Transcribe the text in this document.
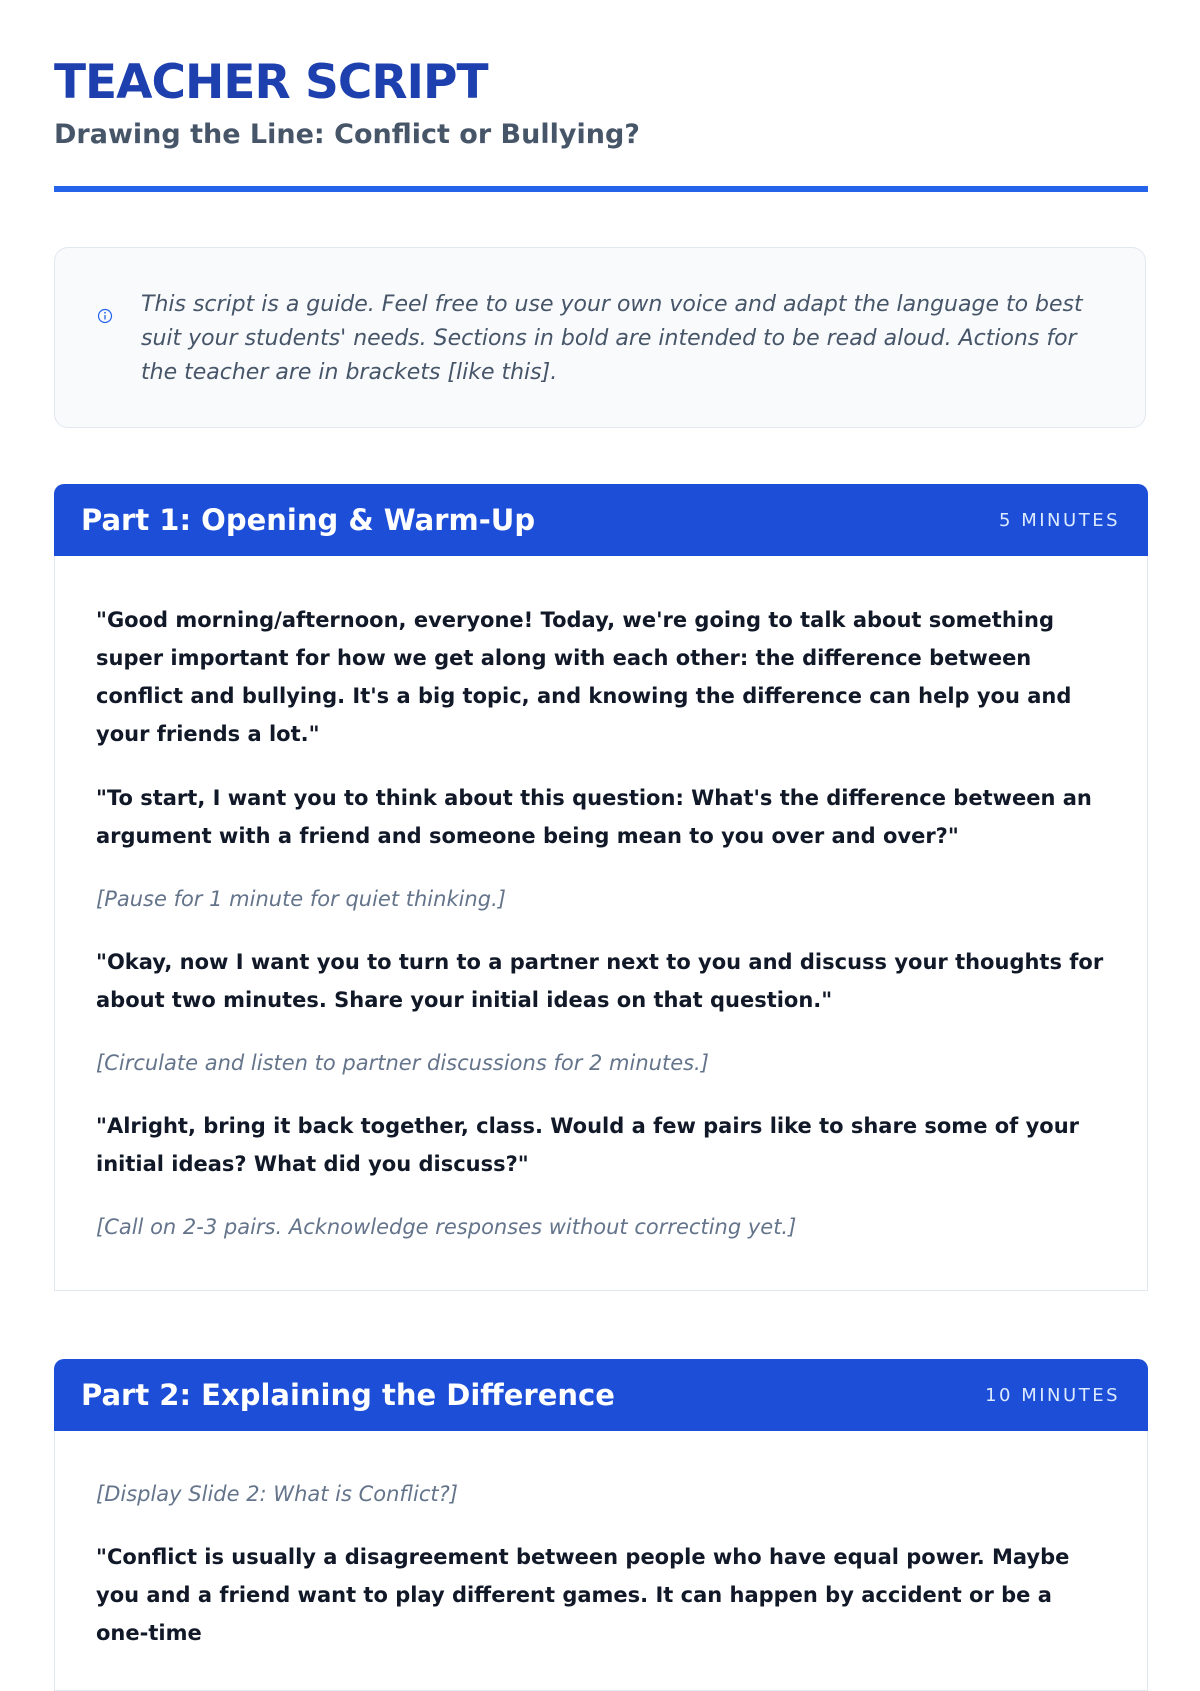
TEACHER SCRIPT
Drawing the Line: Conflict or Bullying?

This script is a guide. Feel free to use your own voice and adapt the language to best suit your students' needs. Sections in bold are intended to be read aloud. Actions for the teacher are in brackets [like this].

Part 1: Opening & Warm-Up	5 MINUTES

"Good morning/afternoon, everyone! Today, we're going to talk about something super important for how we get along with each other: the difference between conflict and bullying. It's a big topic, and knowing the difference can help you and your friends a lot."

"To start, I want you to think about this question: What's the difference between an argument with a friend and someone being mean to you over and over?"

[Pause for 1 minute for quiet thinking.]

"Okay, now I want you to turn to a partner next to you and discuss your thoughts for about two minutes. Share your initial ideas on that question."

[Circulate and listen to partner discussions for 2 minutes.]

"Alright, bring it back together, class. Would a few pairs like to share some of your initial ideas? What did you discuss?"

[Call on 2-3 pairs. Acknowledge responses without correcting yet.]

Part 2: Explaining the Difference	10 MINUTES

[Display Slide 2: What is Conflict?]

"Conflict is usually a disagreement between people who have equal power. Maybe you and a friend want to play different games. It can happen by accident or be a one-time
